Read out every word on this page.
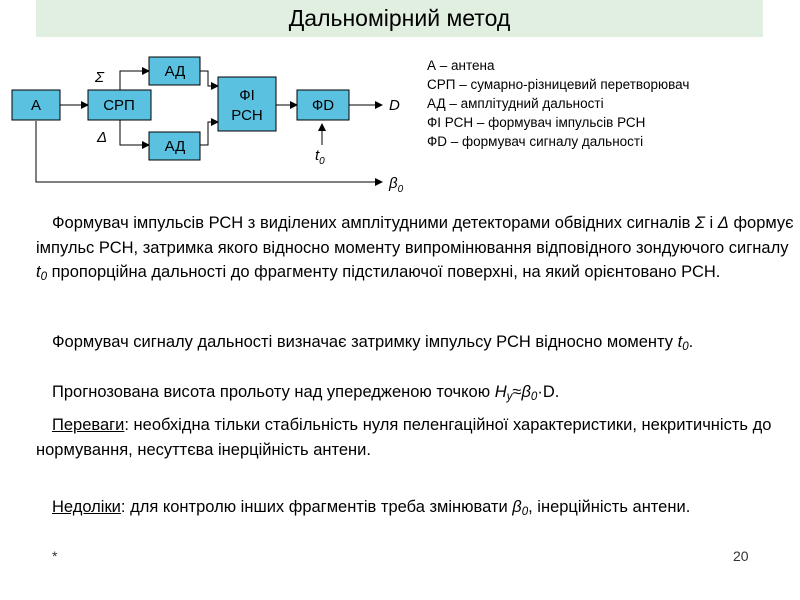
Дальномірний метод
А	СРП
АД
АД
ФІ
РСН
ФD
Σ
Δ
D
$t_0$
$\beta_0$
А – антена
СРП – сумарно-різницевий перетворювач
АД – амплітудний дальності
ФІ РСН – формувач імпульсів РСН
ФD – формувач сигналу дальності

Формувач імпульсів РСН з виділених амплітудними детекторами обвідних сигналів Σ і Δ формує імпульс РСН, затримка якого відносно моменту випромінювання відповідного зондуючого сигналу $t_0$ пропорційна дальності до фрагменту підстилаючої поверхні, на який орієнтовано РСН.

Формувач сигналу дальності визначає затримку імпульсу РСН відносно моменту $t_0$.

Прогнозована висота прольоту над упередженою точкою $H_y\approx\beta_0\cdot D$.

Переваги: необхідна тільки стабільність нуля пеленгаційної характеристики, некритичність до нормування, несуттєва інерційність антени.

Недоліки: для контролю інших фрагментів треба змінювати $\beta_0$, інерційність антени.

*	20
